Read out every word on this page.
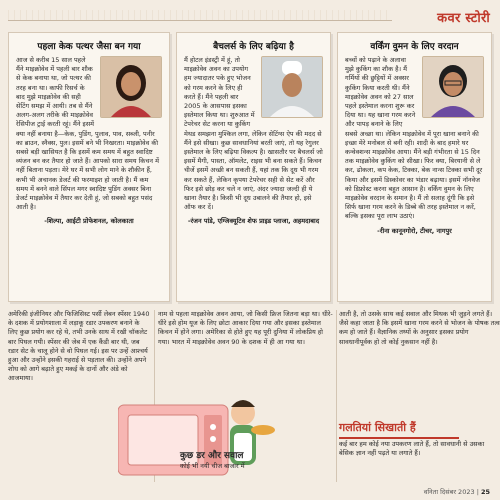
कवर स्टोरी
पहला केक पत्थर जैसा बन गया
आज से करीब 15 साल पहले मैंने माइक्रोवेव में पहली बार शौक से केक बनाया था, जो पत्थर की तरह बना था। काफी रिसर्च के बाद मुझे माइक्रोवेव की सही सेटिंग समझ में आयी। तब से मैंने अलग-अलग तरीके की माइक्रोवेव रेसिपीज ट्राई करती रहूं। मैंने इसमें क्या नहीं बनाया है—केक, पुडिंग, पुलाव, पाव, सब्जी, पनीर का ब्राउन, स्नैक्स, पुल। इसमें बने भी निखरता। माइक्रोवेव की सबसे बड़ी खासियत है कि इसमें कम समय में बहुत स्वादिष्ट व्यंजन बन कर तैयार हो जाते हैं। आपको सारा समय किचन में नहीं बिताना पड़ता। मेरे घर में सभी लोग माने के शौकीन हैं, कभी भी अचानक डेजर्ट की फरमाइश हो जाती है। मैं कम समय में बनने वाले सिंपल मगर स्वादिष्ट पुडिंग अक्सर बिना डेजर्ट माइक्रोवेव में तैयार कर देती हूं, जो सबको बहुत पसंद आती है।
-शिल्पा, आईटी प्रोफेशनल, कोलकाता
बैचलर्स के लिए बढ़िया है
मैं होटल इंडस्ट्री में हूं, तो माइक्रोवेव अवन का उपयोग हम ज्यादातर पके हुए भोजन को गरम करने के लिए ही करते हैं। मैंने पहली बार 2005 के आसपास इसका इस्तेमाल किया था। शुरुआत में टेपरेचर सेट करना या कुकिंग मेथड समझना मुश्किल लगा, लेकिन सेटिंग्स ऐप की मदद से मैंने इसे सीखा। कुछ सावधानियां बरती जाएं, तो यह रेगुलर इस्तेमाल के लिए बढ़िया विकल्प है। खासतौर पर बैचलर्स जो इसमें मैगी, पास्ता, ऑमलेट, राइस भी बना सकते हैं। किचन चीजें इसमें अच्छी बन सकती हैं, यहां तक कि दूध भी गरम कर सकते हैं, लेकिन कृपया टेपरेचर सही से सेट करें और फिर इसे छोड़ कर चले न जाएं, अंदर ज्यादा जल्दी ही ये खाना तैयार है। किसी भी दूध उबालने की तैयार हो, इसे ऑफ कर दें।
-रंजन पांडे, एग्जिक्यूटिव शेफ प्राइड प्लाजा, अहमदाबाद
वर्किंग वुमन के लिए वरदान
बच्चों को पढ़ाने के अलावा मुझे कुकिंग का शौक है। मैं गर्मियों की छुट्टियों में अक्सर कुकिंग किया करती थी। मैंने माइक्रोवेव अवन को 27 साल पहले इस्तेमाल करना शुरू कर दिया था। यह खाना गरम करने और पापड़ बनाने के लिए सबसे अच्छा था। लेकिन माइक्रोवेव में पूरा खाना बनाने की इच्छा मेरे मनोबल से बनी रही। शादी के बाद हमारे घर कन्वेक्शन्स माइक्रोवेव आया। मैंने बड़ी गंभीरता से 15 दिन तक माइक्रोवेव कुकिंग को सीखा। फिर क्या, बिरयानी से ले कर, ढोकला, कप केक, टिक्का, बेक नान्स टिक्का सभी दूर किया और इसमें डिस्कोवर का भंडार बढ़ाया। इसमें नॉनवेज को डिफ्रोस्ट करना बहुत आसान है। वर्किंग वुमन के लिए माइक्रोवेव वरदान के समान है। मैं तो सलाह दूंगी कि इसे सिर्फ खाना गरम करने के डिब्बे की तरह इस्तेमाल न करें, बल्कि इसका पूरा लाभ उठाएं।
-रीना कानूनगोरो, टीचर, नागपुर
अमेरिकी इंजीनियर और फिजिसिस्ट पर्सी लेबन स्पेंसर 1940 के दशक में प्रयोगशाला में लड़ाकू रडार उपकरण बनाने के लिए कुछ प्रयोग कर रहे थे, तभी उनके साथ में रखी चॉकलेट बार पिघल गयी। स्पेंसर की जेब में एक कैंडी बार थी, जब रडार सेट के चालू होने से वो पिघल गई। इस पर उन्हें आश्चर्य हुआ और उन्होंने इसकी गहराई से पड़ताल की। उन्होंने अपने शोध को आगे बढ़ाते हुए मकई के दानों और अंडे को आजमाया।
नाम से पहला माइक्रोवेव अवन आया, जो किसी फ्रिज जितना बड़ा था। धीरे-धीरे इसे होम यूज के लिए छोटा आकार दिया गया और इसका इस्तेमाल किचन में होने लगा। अमेरिका से होते हुए यह पूरी दुनिया में लोकप्रिय हो गया। भारत में माइक्रोवेव अवन 90 के दशक में ही आ गया था।
आती है, तो उसके साथ कई सवाल और मिथक भी जुड़ने लगते हैं। जैसे कहा जाता है कि इसमें खाना गरम करने से भोजन के पोषक तत्व कम हो जाते हैं। वैज्ञानिक तथ्यों के अनुसार इसका प्रयोग सावधानीपूर्वक हो तो कोई नुकसान नहीं है।
कुछ डर और सवाल
कोई भी नयी चीज बाजार में
गलतियां सिखाती हैं
कई बार हम कोई नया उपकरण लाते हैं, तो सावधानी से उसका बेसिक ज्ञान नहीं पढ़ते या लगाते हैं।
वनिता दिसंबर 2023 | 25
